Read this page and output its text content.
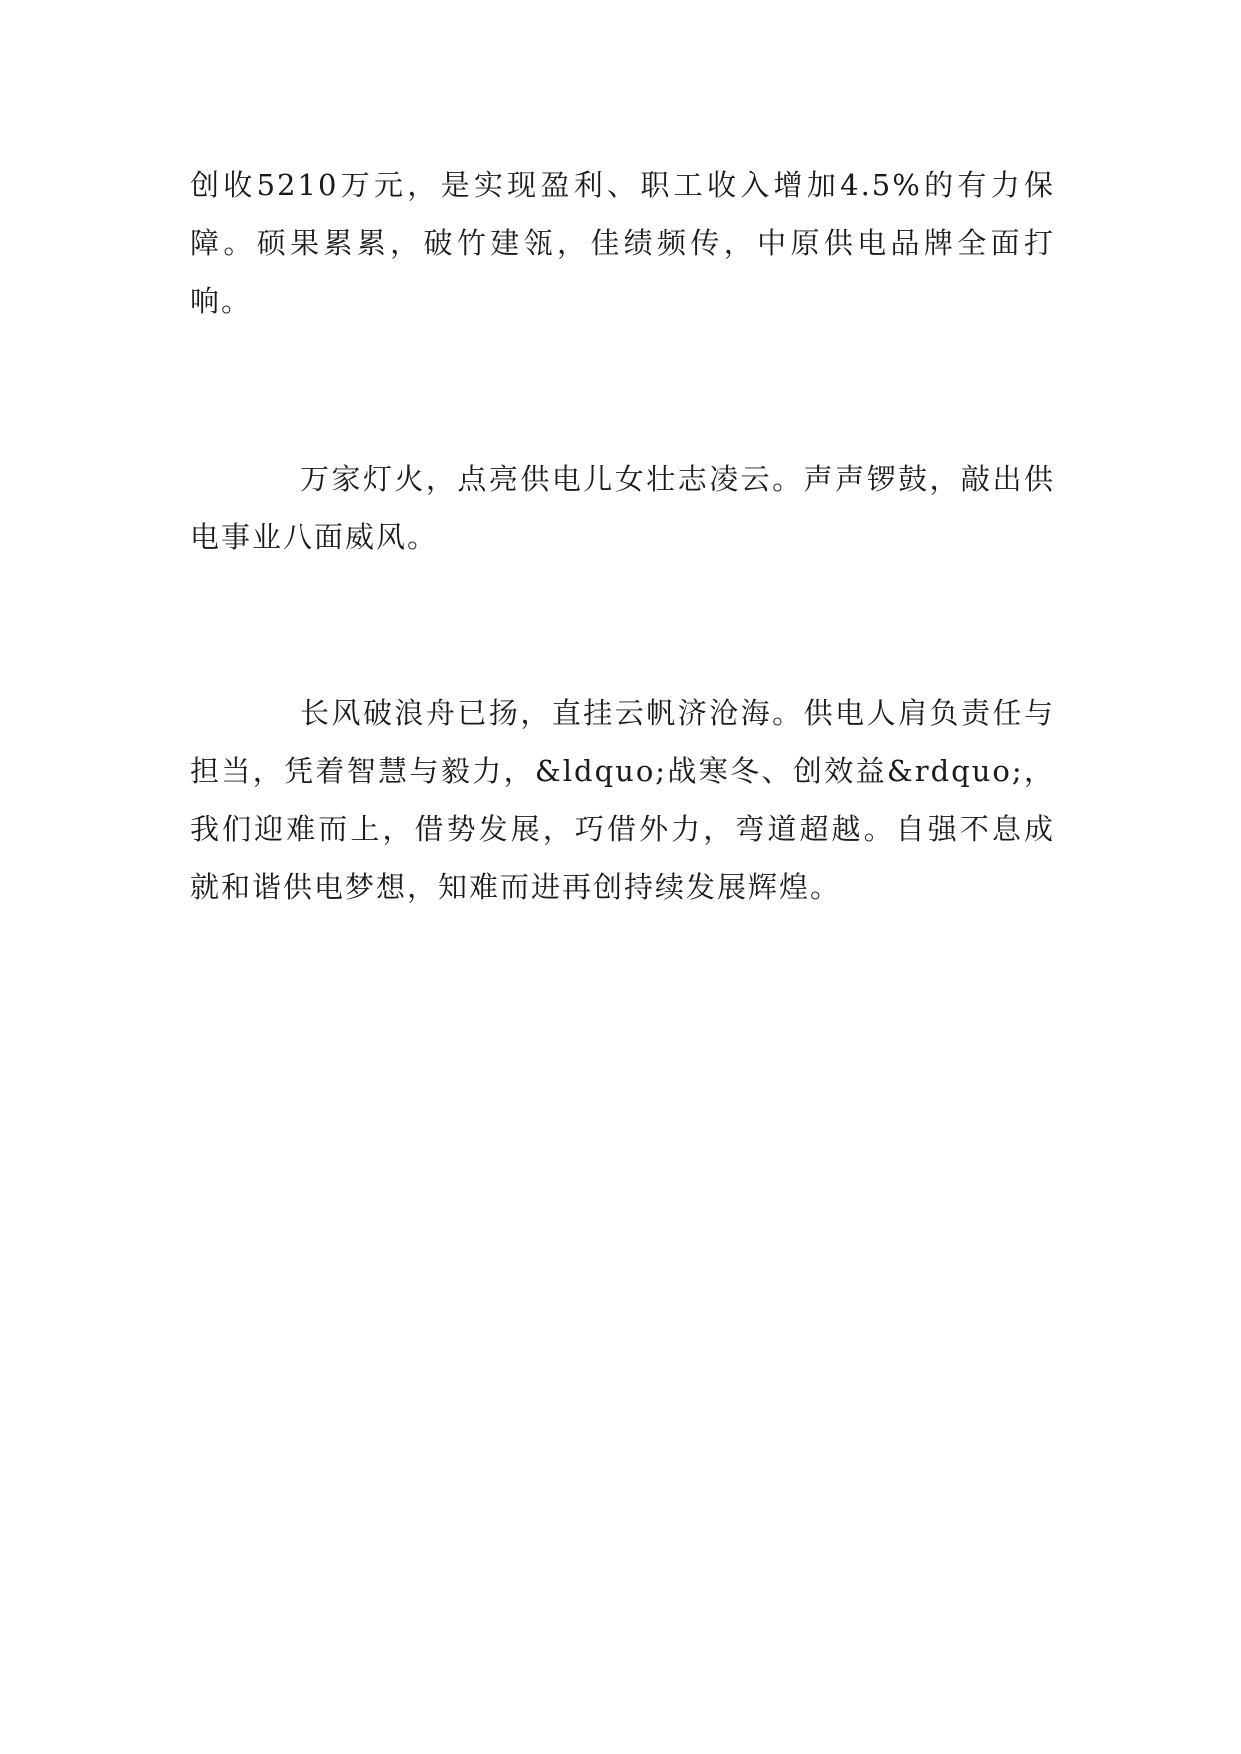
创收5210万元，是实现盈利、职工收入增加4.5%的有力保障。硕果累累，破竹建瓴，佳绩频传，中原供电品牌全面打响。

万家灯火，点亮供电儿女壮志凌云。声声锣鼓，敲出供电事业八面威风。

长风破浪舟已扬，直挂云帆济沧海。供电人肩负责任与担当，凭着智慧与毅力，&ldquo;战寒冬、创效益&rdquo;，我们迎难而上，借势发展，巧借外力，弯道超越。自强不息成就和谐供电梦想，知难而进再创持续发展辉煌。
